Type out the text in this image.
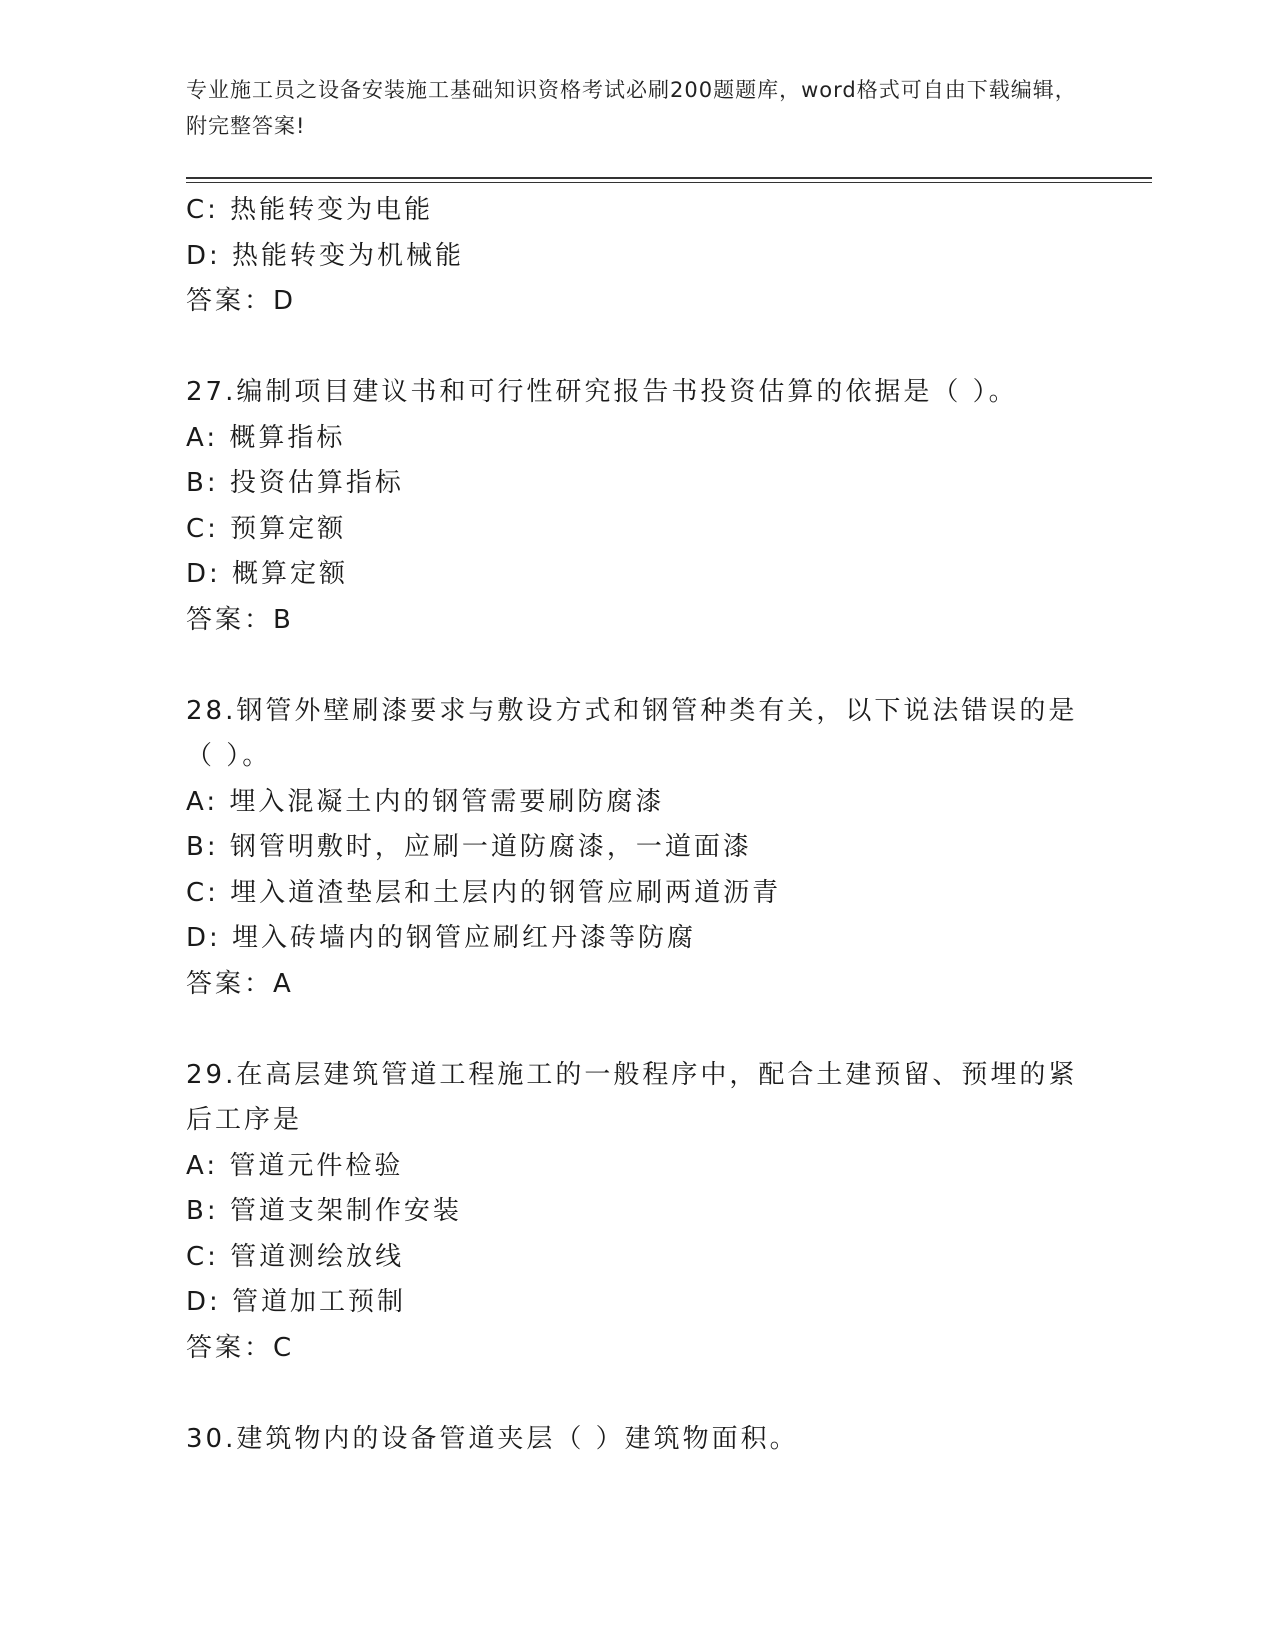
专业施工员之设备安装施工基础知识资格考试必刷200题题库，word格式可自由下载编辑，附完整答案!
C: 热能转变为电能
D: 热能转变为机械能
答案：D
27.编制项目建议书和可行性研究报告书投资估算的依据是（ ）。
A: 概算指标
B: 投资估算指标
C: 预算定额
D: 概算定额
答案：B
28.钢管外壁刷漆要求与敷设方式和钢管种类有关，以下说法错误的是（ ）。
A: 埋入混凝土内的钢管需要刷防腐漆
B: 钢管明敷时，应刷一道防腐漆，一道面漆
C: 埋入道渣垫层和土层内的钢管应刷两道沥青
D: 埋入砖墙内的钢管应刷红丹漆等防腐
答案：A
29.在高层建筑管道工程施工的一般程序中，配合土建预留、预埋的紧后工序是
A: 管道元件检验
B: 管道支架制作安装
C: 管道测绘放线
D: 管道加工预制
答案：C
30.建筑物内的设备管道夹层（ ）建筑物面积。
